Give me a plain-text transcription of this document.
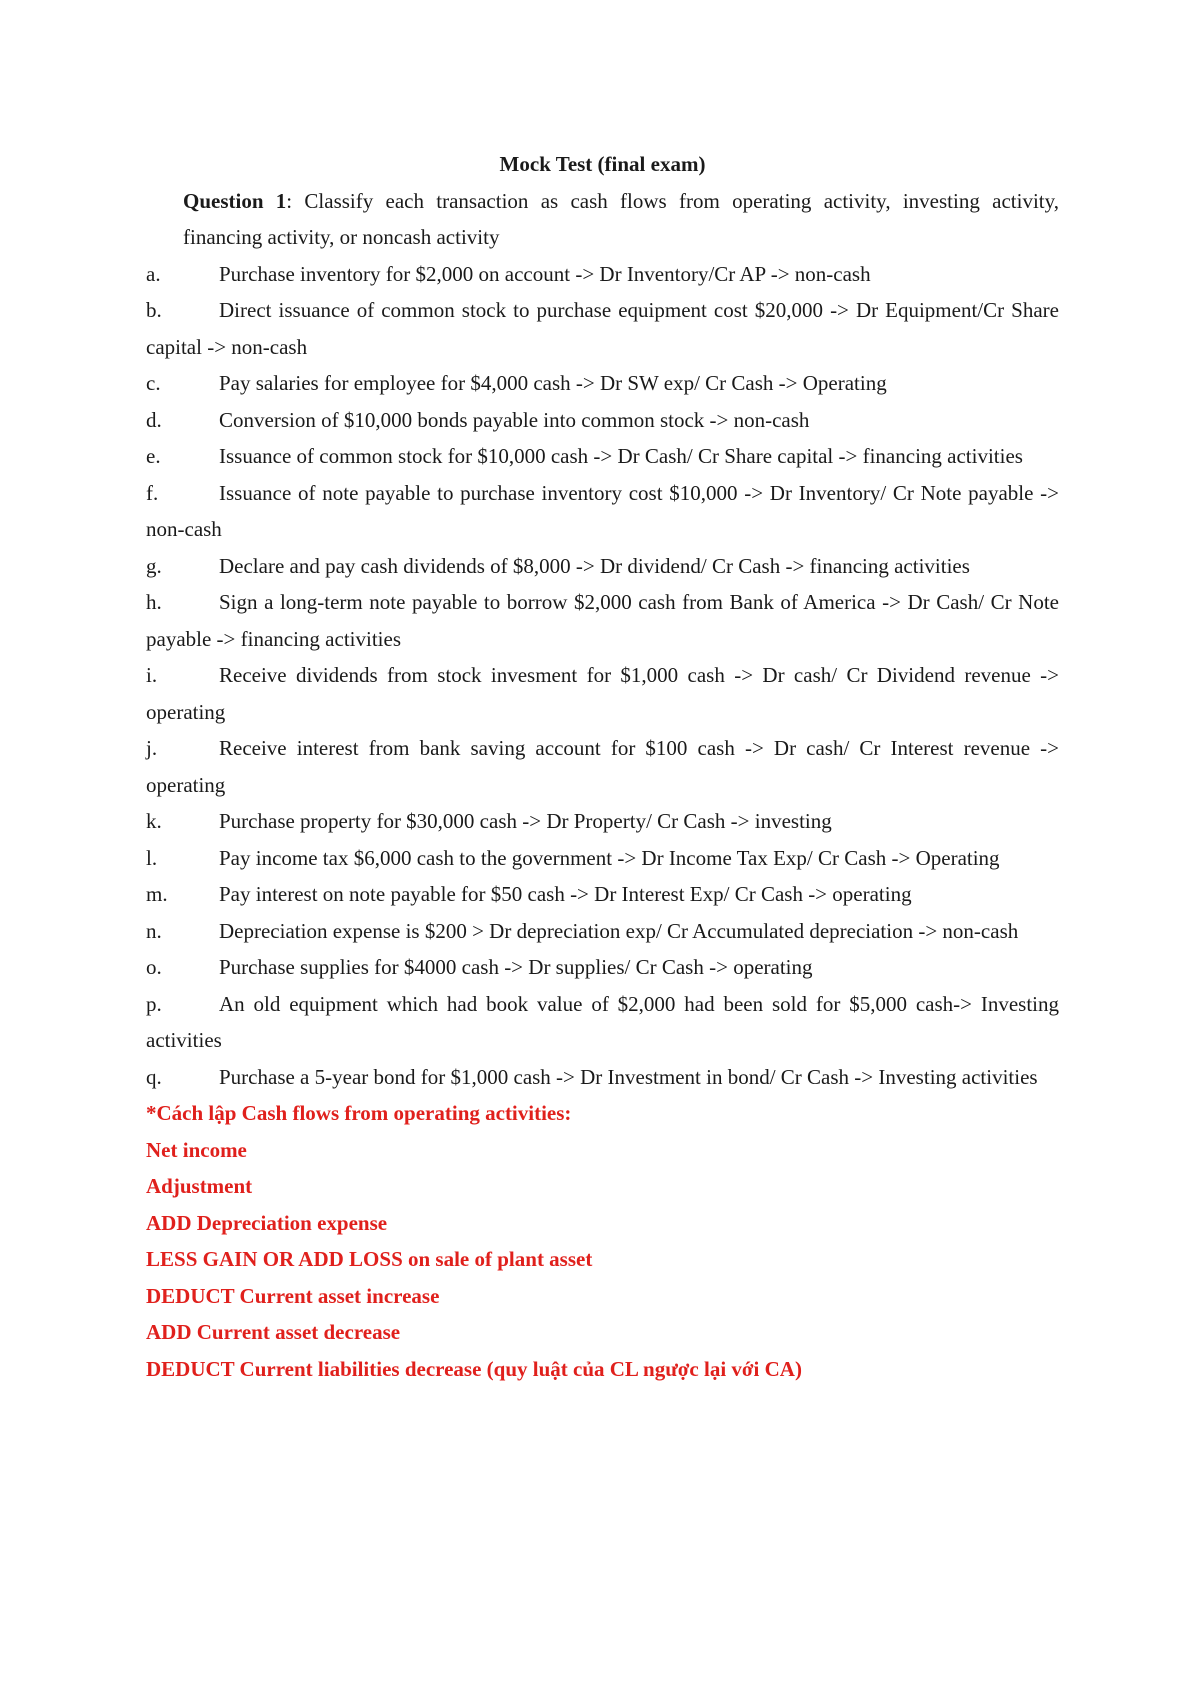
Mock Test (final exam)

Question 1: Classify each transaction as cash flows from operating activity, investing activity, financing activity, or noncash activity

a.	Purchase inventory for $2,000 on account -> Dr Inventory/Cr AP -> non-cash

b.	Direct issuance of common stock to purchase equipment cost $20,000 -> Dr Equipment/Cr Share capital -> non-cash

c.	Pay salaries for employee for $4,000 cash -> Dr SW exp/ Cr Cash -> Operating

d.	Conversion of $10,000 bonds payable into common stock -> non-cash

e.	Issuance of common stock for $10,000 cash -> Dr Cash/ Cr Share capital -> financing activities

f.	Issuance of note payable to purchase inventory cost $10,000 -> Dr Inventory/ Cr Note payable -> non-cash

g.	Declare and pay cash dividends of $8,000 -> Dr dividend/ Cr Cash -> financing activities

h.	Sign a long-term note payable to borrow $2,000 cash from Bank of America -> Dr Cash/ Cr Note payable -> financing activities

i.	Receive dividends from stock invesment for $1,000 cash -> Dr cash/ Cr Dividend revenue -> operating

j.	Receive interest from bank saving account for $100 cash -> Dr cash/ Cr Interest revenue -> operating

k.	Purchase property for $30,000 cash -> Dr Property/ Cr Cash -> investing

l.	Pay income tax $6,000 cash to the government -> Dr Income Tax Exp/ Cr Cash -> Operating

m. Pay interest on note payable for $50 cash -> Dr Interest Exp/ Cr Cash -> operating

n.	Depreciation expense is $200 > Dr depreciation exp/ Cr Accumulated depreciation -> non-cash

o.	Purchase supplies for $4000 cash -> Dr supplies/ Cr Cash -> operating

p.	An old equipment which had book value of $2,000 had been sold for $5,000 cash-> Investing activities

q.	Purchase a 5-year bond for $1,000 cash -> Dr Investment in bond/ Cr Cash -> Investing activities

*Cách lập Cash flows from operating activities:

Net income

Adjustment

ADD Depreciation expense

LESS GAIN OR ADD LOSS on sale of plant asset

DEDUCT Current asset increase

ADD Current asset decrease

DEDUCT Current liabilities decrease (quy luật của CL ngược lại với CA)
